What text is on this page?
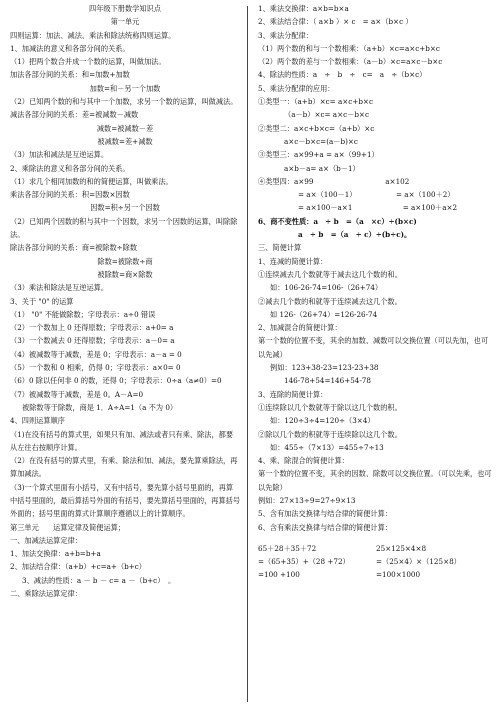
四年级下册数学知识点
第一单元
四则运算：加法、减法、乘法和除法统称四则运算。
1、加减法的意义和各部分间的关系。
（1）把两个数合并成一个数的运算，叫做加法。
加法各部分间的关系：和=加数+加数
加数=和－另一个加数
（2）已知两个数的和与其中一个加数，求另一个数的运算，叫做减法。
减法各部分间的关系：差=被减数－减数
减数=被减数－差
被减数=差+减数
（3）加法和减法是互逆运算。
2、乘除法的意义和各部分间的关系。
（1）求几个相同加数的和的简便运算，叫做乘法。
乘法各部分间的关系：积=因数×因数
因数=积÷另一个因数
（2）已知两个因数的积与其中一个因数，求另一个因数的运算，叫除除法。
除法各部分间的关系：商=被除数÷除数
除数=被除数÷商
被除数=商×除数
（3）乘法和除法是互逆运算。
3、关于 "0" 的运算
（1） "0" 不能做除数；字母表示：a÷0 错误
（2）一个数加上 0 还得原数；字母表示：a+0= a
（3）一个数减去 0 还得原数；字母表示：a－0= a
（4）被减数等于减数，差是 0；字母表示：a－a = 0
（5）一个数和 0 相乘，仍得 0；字母表示：a×0= 0
（6）0 除以任何非 0 的数，还得 0；字母表示：0÷a（a≠0）=0
（7）被减数等于减数，差是 0。A－A=0
被除数等于除数，商是 1．A÷A=1（a 不为 0）
4、四则运算顺序
（1)在没有括号的算式里，如果只有加、减法或者只有乘、除法，都要从左往右按顺序计算。
（2）在没有括号的算式里，有乘、除法和加、减法，要先算乘除法，再算加减法。
（3)一个算式里面有小括号，又有中括号，要先算小括号里面的，再算中括号里面的，最后算括号外面的有括号，要先算括号里面的，再算括号外面的；括号里面的算式计算顺序遵循以上的计算顺序。
第三单元　　运算定律及简便运算；
一、加减法运算定律：
1、加法交换律：a+b=b+a
2、加法结合律：（a+b）+c=a+（b+c）
3、减法的性质：a － b － c= a －（b+c）　。
二、乘除法运算定律：
1、乘法交换律：a×b=b×a
2、乘法结合律：（ a×b ）× c　= a×（b×c ）
3、乘法分配律：
（1）两个数的和与一个数相乘：（a+b）×c=a×c+b×c
（2）两个数的差与一个数相乘：（a－b）×c=a×c－b×c
4、除法的性质：a　÷　b　÷　c=　a　÷（b×c）
5、乘法分配律的应用：
①类型一：（a+b）×c= a×c+b×c
（a－b）×c= a×c－b×c
②类型二：a×c+b×c=（a+b）×c
a×c－b×c=(a－b)×c
③类型三：a×99+a = a×（99+1）
a×b－a= a×（b－1）
④类型四：a×99　　　　　　　　　　a×102
= a×（100－1）　　　　　　= a×（100＋2）
= a×100－a×1　　　　　　　= a×100＋a×2
6、商不变性质：a　÷ b　=（a　×c）÷(b×c)
a　÷ b　=（a　÷ c）÷(b÷c)。
三、简便计算
1、连减的简便计算：
①连续减去几个数就等于减去这几个数的和。
如：106-26-74=106-（26+74）
②减去几个数的和就等于连续减去这几个数。
如 126-（26+74）=126-26-74
2、加减混合的简便计算：
第一个数的位置不变，其余的加数、减数可以交换位置（可以先加，也可以先减）
例如：123+38-23=123-23+38
146-78+54=146+54-78
3、连除的简便计算：
①连续除以几个数就等于除以这几个数的积。
如：120÷3÷4=120÷（3×4）
②除以几个数的积就等于连续除以这几个数。
如：455÷（7×13）=455÷7÷13
4、乘、除混合的简便计算：
第一个数的位置不变，其余的因数、除数可以交换位置。（可以先乘，也可以先除）
例如：27×13÷9=27÷9×13
5、含有加法交换律与结合律的简便计算：
6、含有乘法交换律与结合律的简便计算：
65＋28＋35＋72	25×125×4×8
=（65+35）+（28 +72）	=（25×4）×（125×8）
=100 +100	=100×1000
